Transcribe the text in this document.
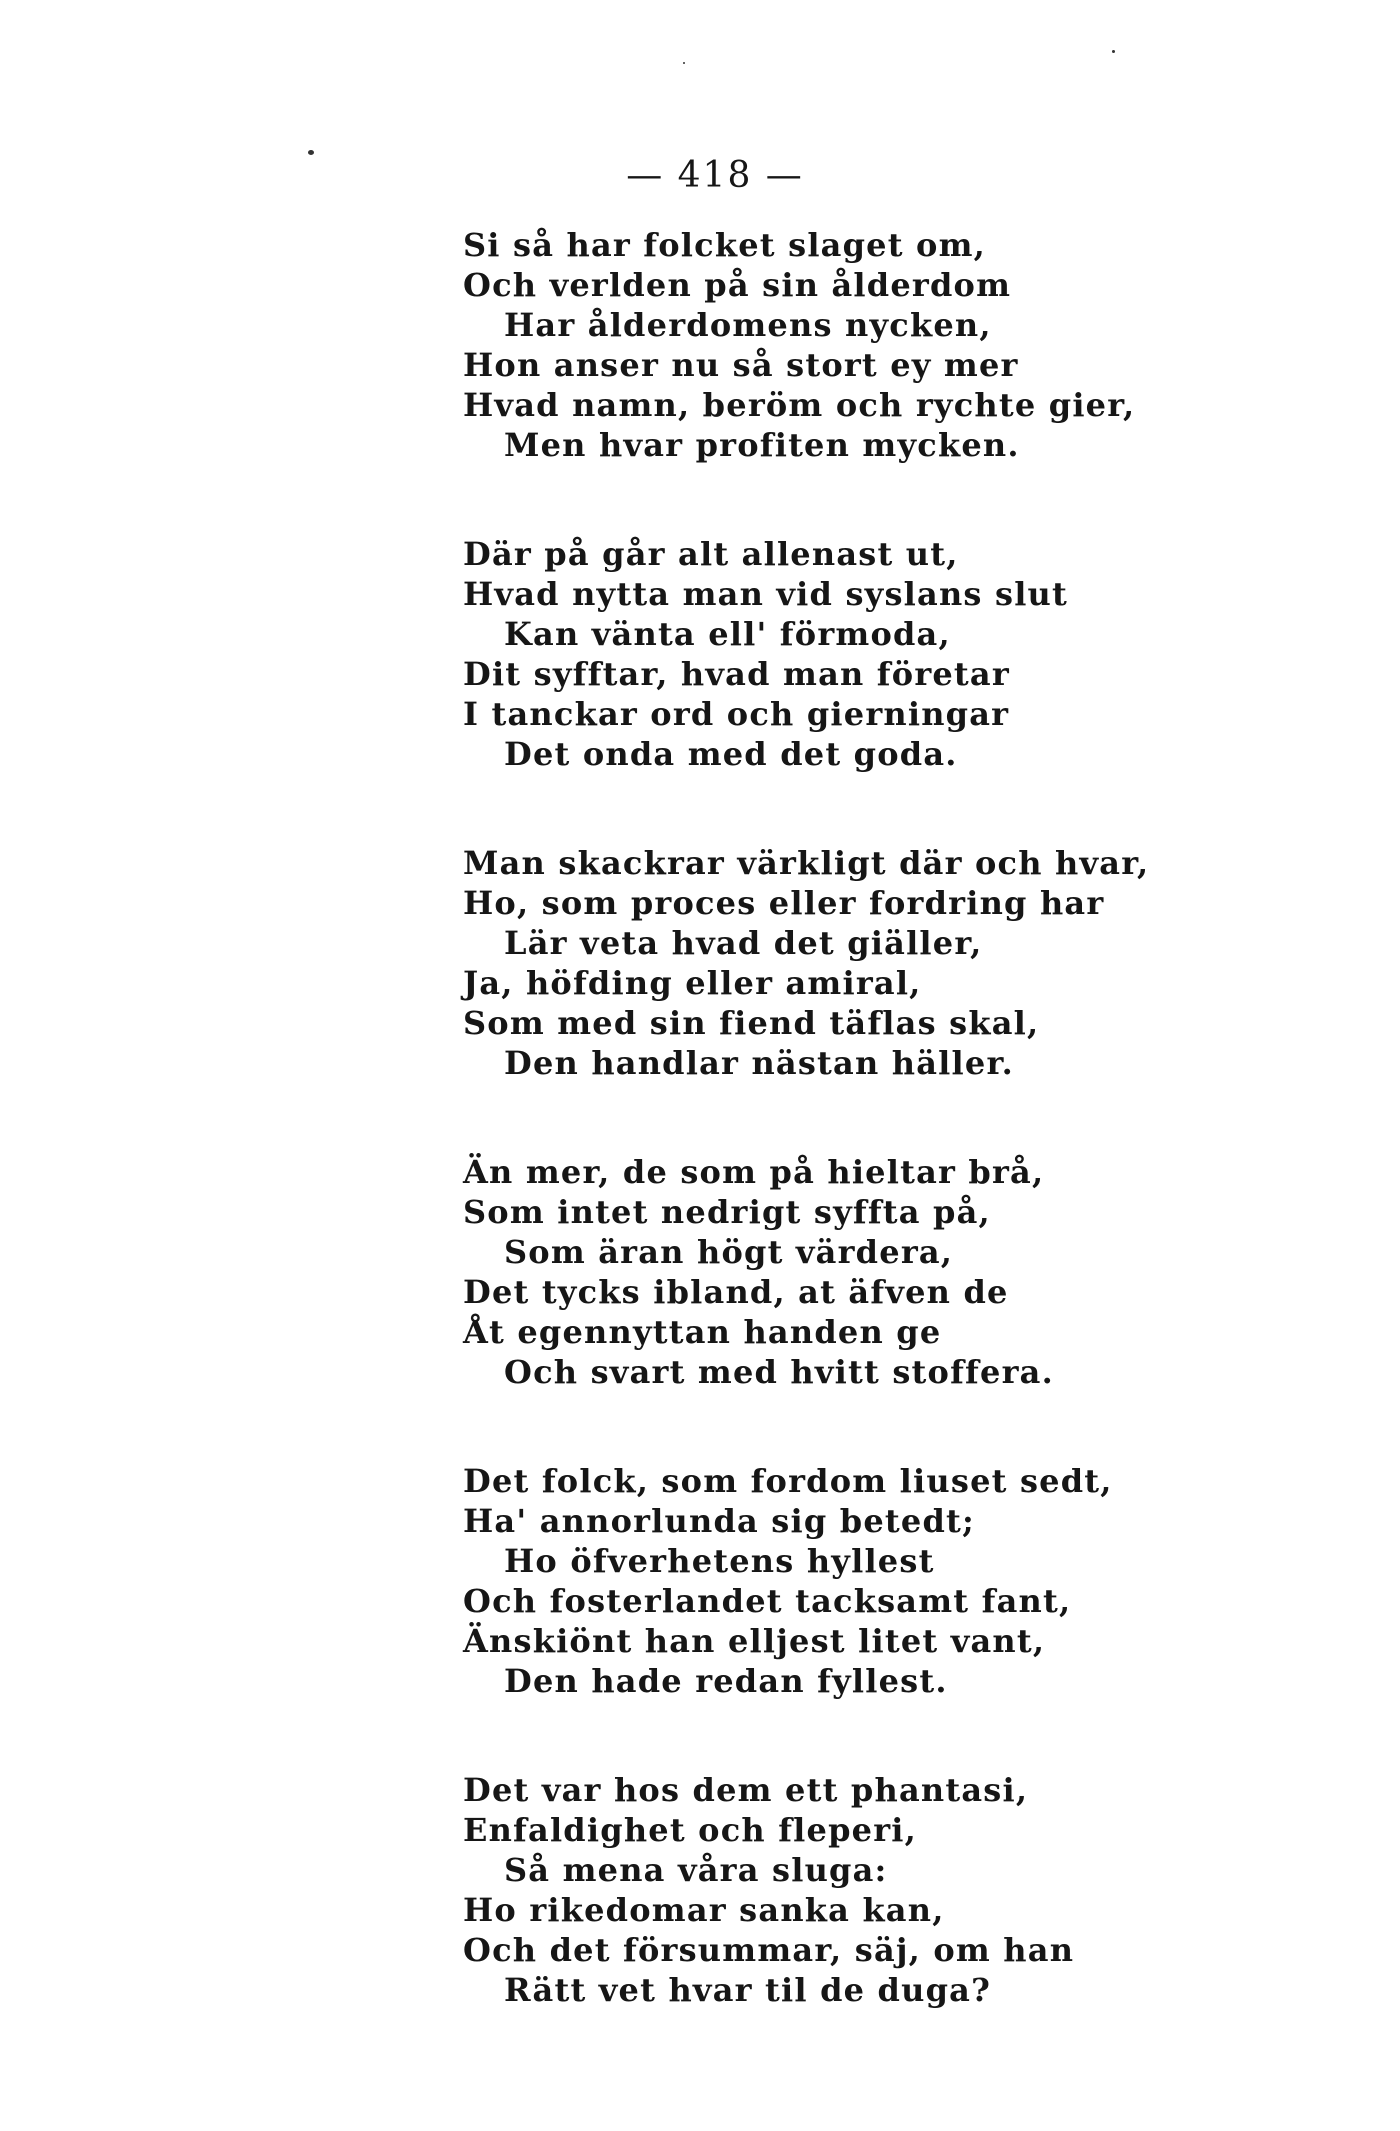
— 418 —
Si så har folcket slaget om,
Och verlden på sin ålderdom
Har ålderdomens nycken,
Hon anser nu så stort ey mer
Hvad namn, beröm och rychte gier,
Men hvar profiten mycken.
Där på går alt allenast ut,
Hvad nytta man vid syslans slut
Kan vänta ell' förmoda,
Dit syfftar, hvad man företar
I tanckar ord och gierningar
Det onda med det goda.
Man skackrar värkligt där och hvar,
Ho, som proces eller fordring har
Lär veta hvad det giäller,
Ja, höfding eller amiral,
Som med sin fiend täflas skal,
Den handlar nästan häller.
Än mer, de som på hieltar brå,
Som intet nedrigt syffta på,
Som äran högt värdera,
Det tycks ibland, at äfven de
Åt egennyttan handen ge
Och svart med hvitt stoffera.
Det folck, som fordom liuset sedt,
Ha' annorlunda sig betedt;
Ho öfverhetens hyllest
Och fosterlandet tacksamt fant,
Änskiönt han elljest litet vant,
Den hade redan fyllest.
Det var hos dem ett phantasi,
Enfaldighet och fleperi,
Så mena våra sluga:
Ho rikedomar sanka kan,
Och det försummar, säj, om han
Rätt vet hvar til de duga?
